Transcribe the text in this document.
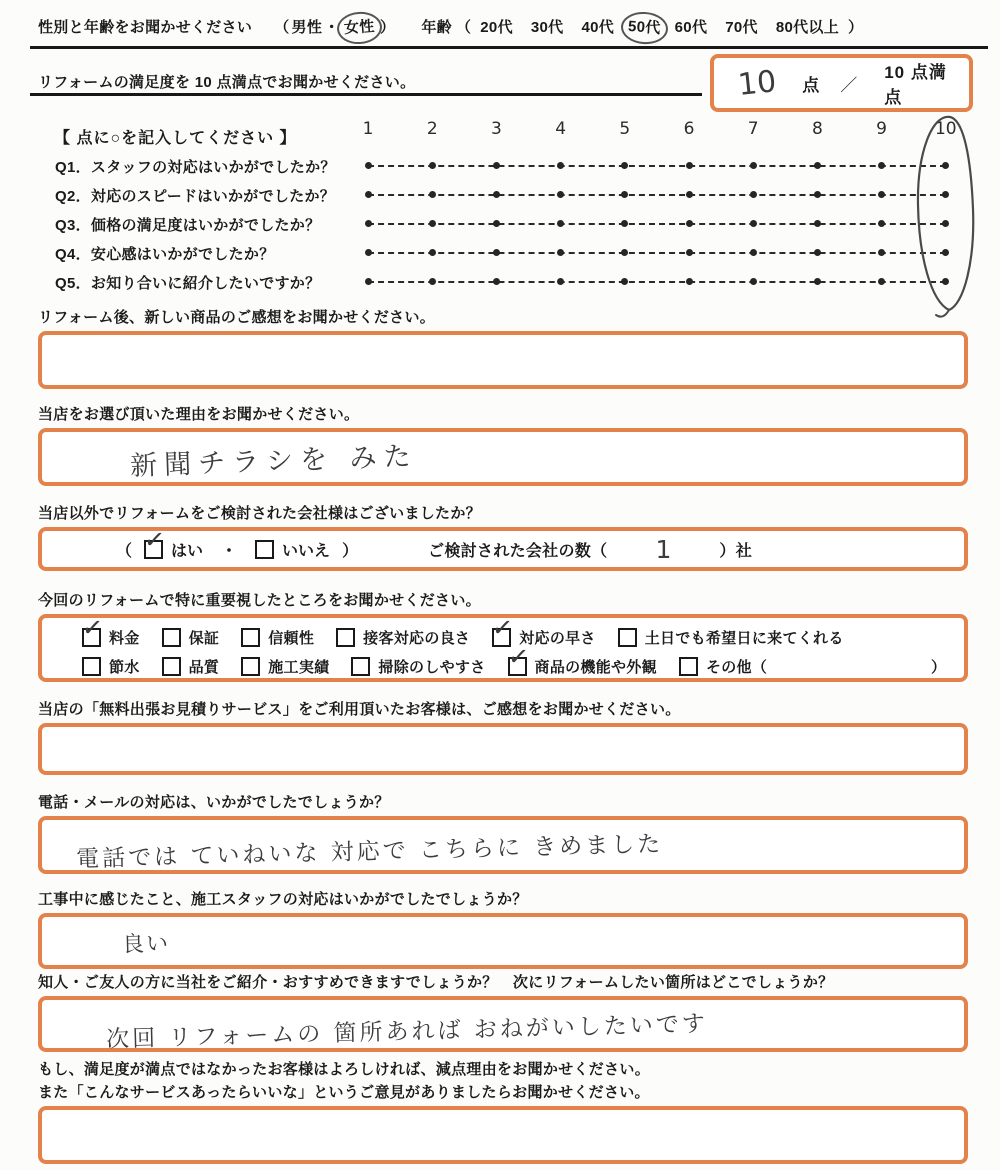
性別と年齢をお聞かせください （ 男性 ・ 女性 ） 年齢 （ 20代 30代 40代 50代 60代 70代 80代以上 ）
リフォームの満足度を 10 点満点でお聞かせください。	10 点 ／
10 点満点
【 点に○を記入してください 】	1	2	3	4	5	6	7	8	9	10
Q1．スタッフの対応はいかがでしたか？
Q2．対応のスピードはいかがでしたか？
Q3．価格の満足度はいかがでしたか？
Q4．安心感はいかがでしたか？
Q5．お知り合いに紹介したいですか？
リフォーム後、新しい商品のご感想をお聞かせください。
当店をお選び頂いた理由をお聞かせください。
新聞チラシを みた
当店以外でリフォームをご検討された会社様はございましたか？
（ ✓ はい ・	いいえ ）	ご検討された会社の数（	1	）社
今回のリフォームで特に重要視したところをお聞かせください。
✓ 料金	保証	信頼性	接客対応の良さ ✓ 対応の早さ	土日でも希望日に来てくれる
節水	品質	施工実績	掃除のしやすさ ✓ 商品の機能や外観	その他（	）
当店の「無料出張お見積りサービス」をご利用頂いたお客様は、ご感想をお聞かせください。
電話・メールの対応は、いかがでしたでしょうか？
電話では ていねいな 対応で こちらに きめました
工事中に感じたこと、施工スタッフの対応はいかがでしたでしょうか？
良い
知人・ご友人の方に当社をご紹介・おすすめできますでしょうか？　次にリフォームしたい箇所はどこでしょうか？
次回 リフォームの 箇所あれば おねがいしたいです
もし、満足度が満点ではなかったお客様はよろしければ、減点理由をお聞かせください。
また「こんなサービスあったらいいな」というご意見がありましたらお聞かせください。
